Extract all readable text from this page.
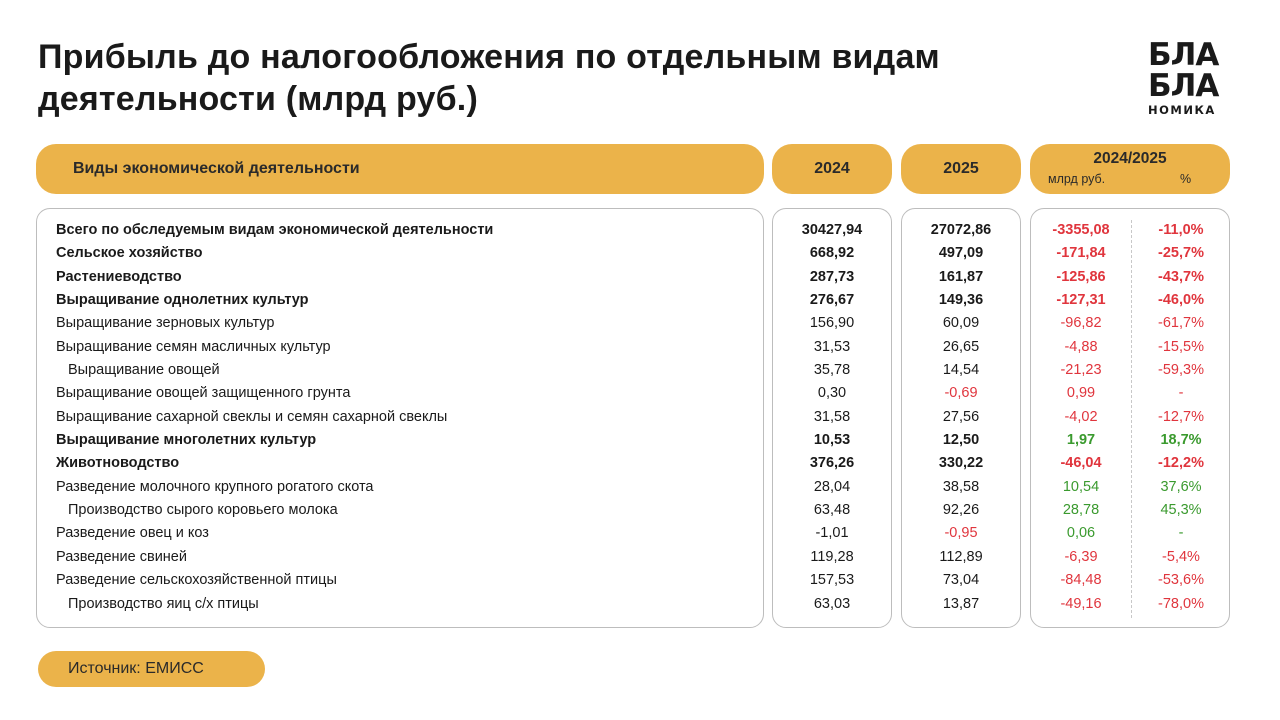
Прибыль до налогообложения по отдельным видам деятельности (млрд руб.)
БЛА
БЛА
НОМИКА
Виды экономической деятельности	2024	2025
2024/2025
млрд руб.	%
Всего по обследуемым видам экономической деятельности	30427,94	27072,86	-3355,08	-11,0%
Сельское хозяйство	668,92	497,09	-171,84	-25,7%
Растениеводство	287,73	161,87	-125,86	-43,7%
Выращивание однолетних культур	276,67	149,36	-127,31	-46,0%
Выращивание зерновых культур	156,90	60,09	-96,82	-61,7%
Выращивание семян масличных культур	31,53	26,65	-4,88	-15,5%
Выращивание овощей	35,78	14,54	-21,23	-59,3%
Выращивание овощей защищенного грунта	0,30	-0,69	0,99	-
Выращивание сахарной свеклы и семян сахарной свеклы	31,58	27,56	-4,02	-12,7%
Выращивание многолетних культур	10,53	12,50	1,97	18,7%
Животноводство	376,26	330,22	-46,04	-12,2%
Разведение молочного крупного рогатого скота	28,04	38,58	10,54	37,6%
Производство сырого коровьего молока	63,48	92,26	28,78	45,3%
Разведение овец и коз	-1,01	-0,95	0,06	-
Разведение свиней	119,28	112,89	-6,39	-5,4%
Разведение сельскохозяйственной птицы	157,53	73,04	-84,48	-53,6%
Производство яиц с/х птицы	63,03	13,87	-49,16	-78,0%
Источник: ЕМИСС
